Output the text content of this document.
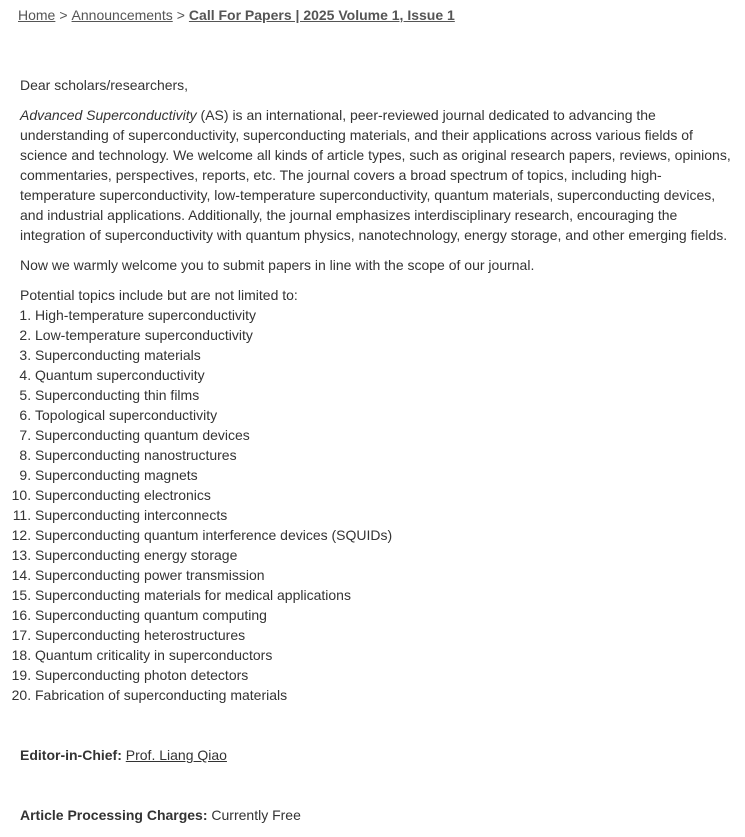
Home > Announcements > Call For Papers | 2025 Volume 1, Issue 1

Dear scholars/researchers,

Advanced Superconductivity (AS) is an international, peer-reviewed journal dedicated to advancing the understanding of superconductivity, superconducting materials, and their applications across various fields of science and technology. We welcome all kinds of article types, such as original research papers, reviews, opinions, commentaries, perspectives, reports, etc. The journal covers a broad spectrum of topics, including high-temperature superconductivity, low-temperature superconductivity, quantum materials, superconducting devices, and industrial applications. Additionally, the journal emphasizes interdisciplinary research, encouraging the integration of superconductivity with quantum physics, nanotechnology, energy storage, and other emerging fields.

Now we warmly welcome you to submit papers in line with the scope of our journal.

Potential topics include but are not limited to:

1. High-temperature superconductivity
2. Low-temperature superconductivity
3. Superconducting materials
4. Quantum superconductivity
5. Superconducting thin films
6. Topological superconductivity
7. Superconducting quantum devices
8. Superconducting nanostructures
9. Superconducting magnets
10. Superconducting electronics
11. Superconducting interconnects
12. Superconducting quantum interference devices (SQUIDs)
13. Superconducting energy storage
14. Superconducting power transmission
15. Superconducting materials for medical applications
16. Superconducting quantum computing
17. Superconducting heterostructures
18. Quantum criticality in superconductors
19. Superconducting photon detectors
20. Fabrication of superconducting materials
Editor-in-Chief: Prof. Liang Qiao
Article Processing Charges: Currently Free
